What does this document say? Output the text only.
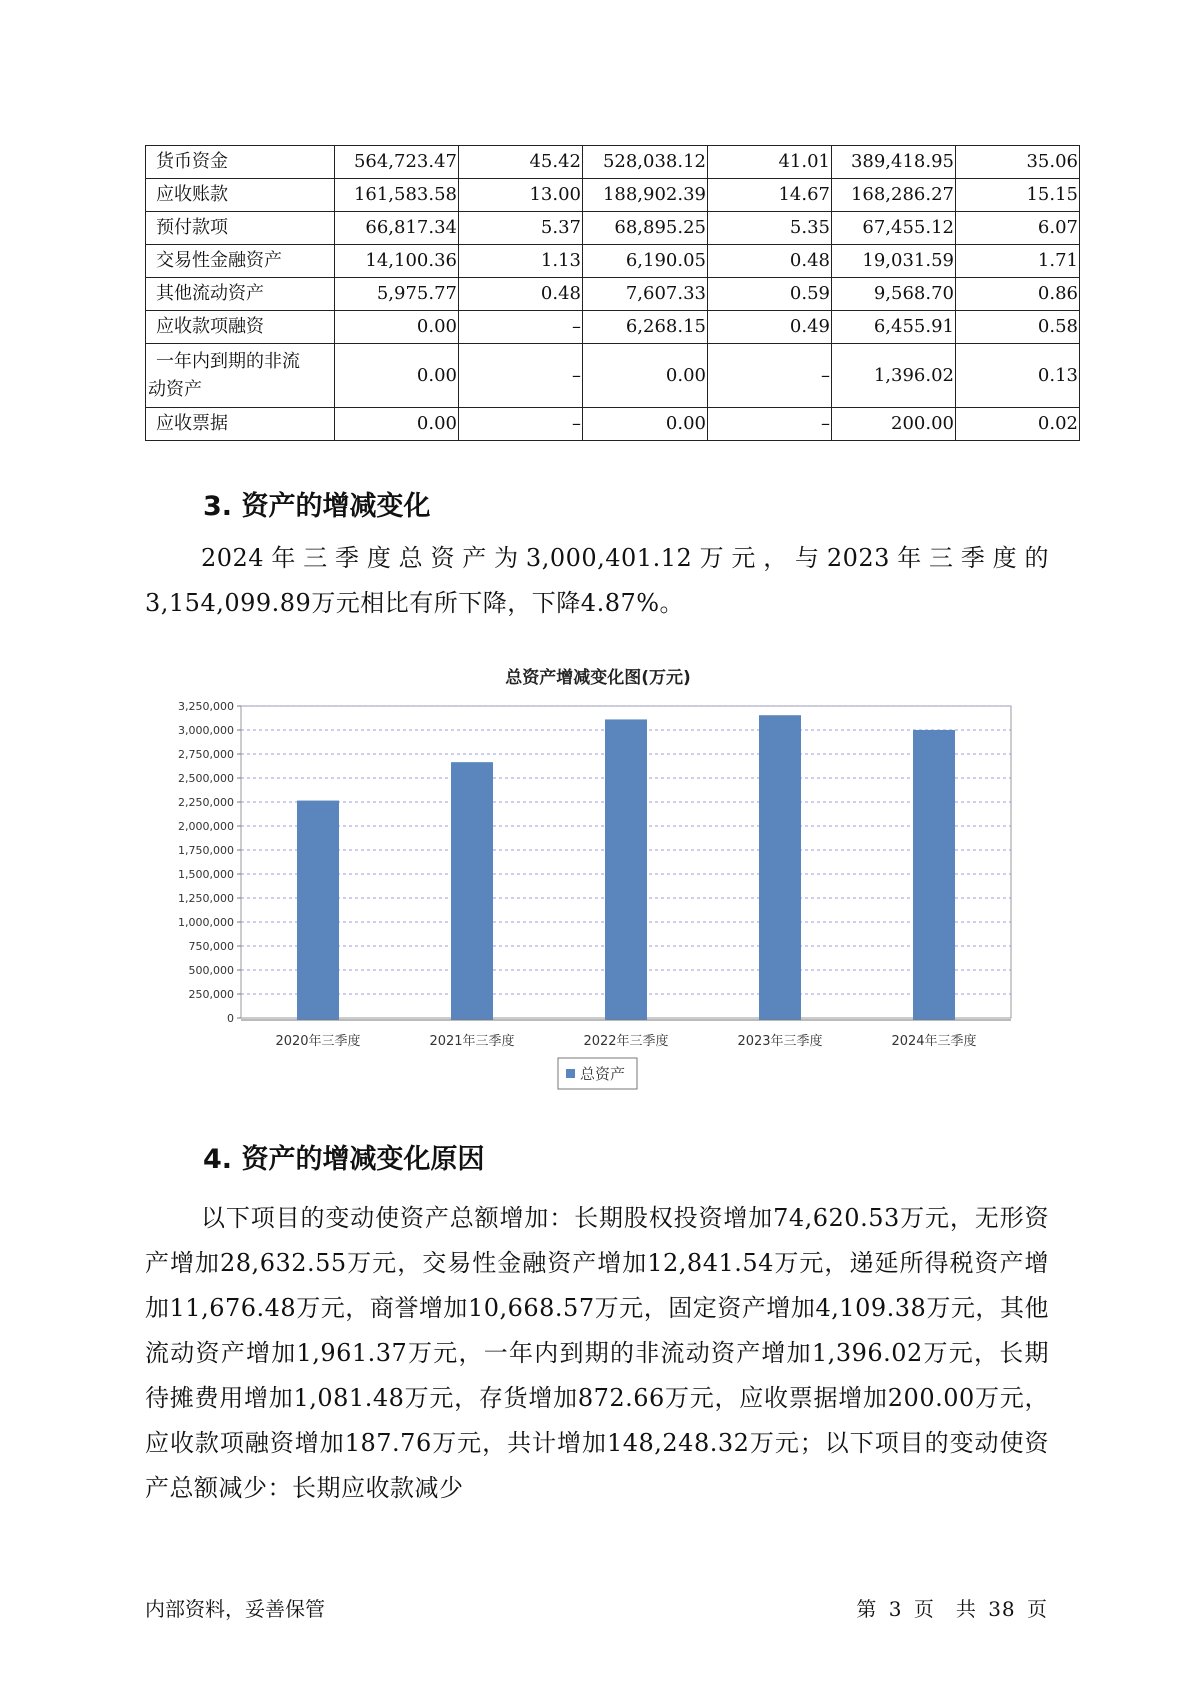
货币资金	564,723.47	45.42	528,038.12	41.01	389,418.95	35.06
应收账款	161,583.58	13.00	188,902.39	14.67	168,286.27	15.15
预付款项	66,817.34	5.37	68,895.25	5.35	67,455.12	6.07
交易性金融资产	14,100.36	1.13	6,190.05	0.48	19,031.59	1.71
其他流动资产	5,975.77	0.48	7,607.33	0.59	9,568.70	0.86
应收款项融资	0.00	–	6,268.15	0.49	6,455.91	0.58

一年内到期的非流
动资产	0.00	–	0.00	–	1,396.02	0.13
应收票据	0.00	–	0.00	–	200.00	0.02
3. 资产的增减变化

2024年三季度总资产为3,000,401.12万元，与2023年三季度的3,154,099.89万元相比有所下降，下降4.87%。

总资产增减变化图(万元)
0
250,000
500,000
750,000
1,000,000
1,250,000
1,500,000
1,750,000
2,000,000
2,250,000
2,500,000
2,750,000
3,000,000
3,250,000
2020年三季度	2021年三季度	2022年三季度	2023年三季度	2024年三季度
总资产
4. 资产的增减变化原因

以下项目的变动使资产总额增加：长期股权投资增加74,620.53万元，无形资产增加28,632.55万元，交易性金融资产增加12,841.54万元，递延所得税资产增加11,676.48万元，商誉增加10,668.57万元，固定资产增加4,109.38万元，其他流动资产增加1,961.37万元，一年内到期的非流动资产增加1,396.02万元，长期待摊费用增加1,081.48万元，存货增加872.66万元，应收票据增加200.00万元，应收款项融资增加187.76万元，共计增加148,248.32万元；以下项目的变动使资产总额减少：长期应收款减少

内部资料，妥善保管	第 3 页　共 38 页
